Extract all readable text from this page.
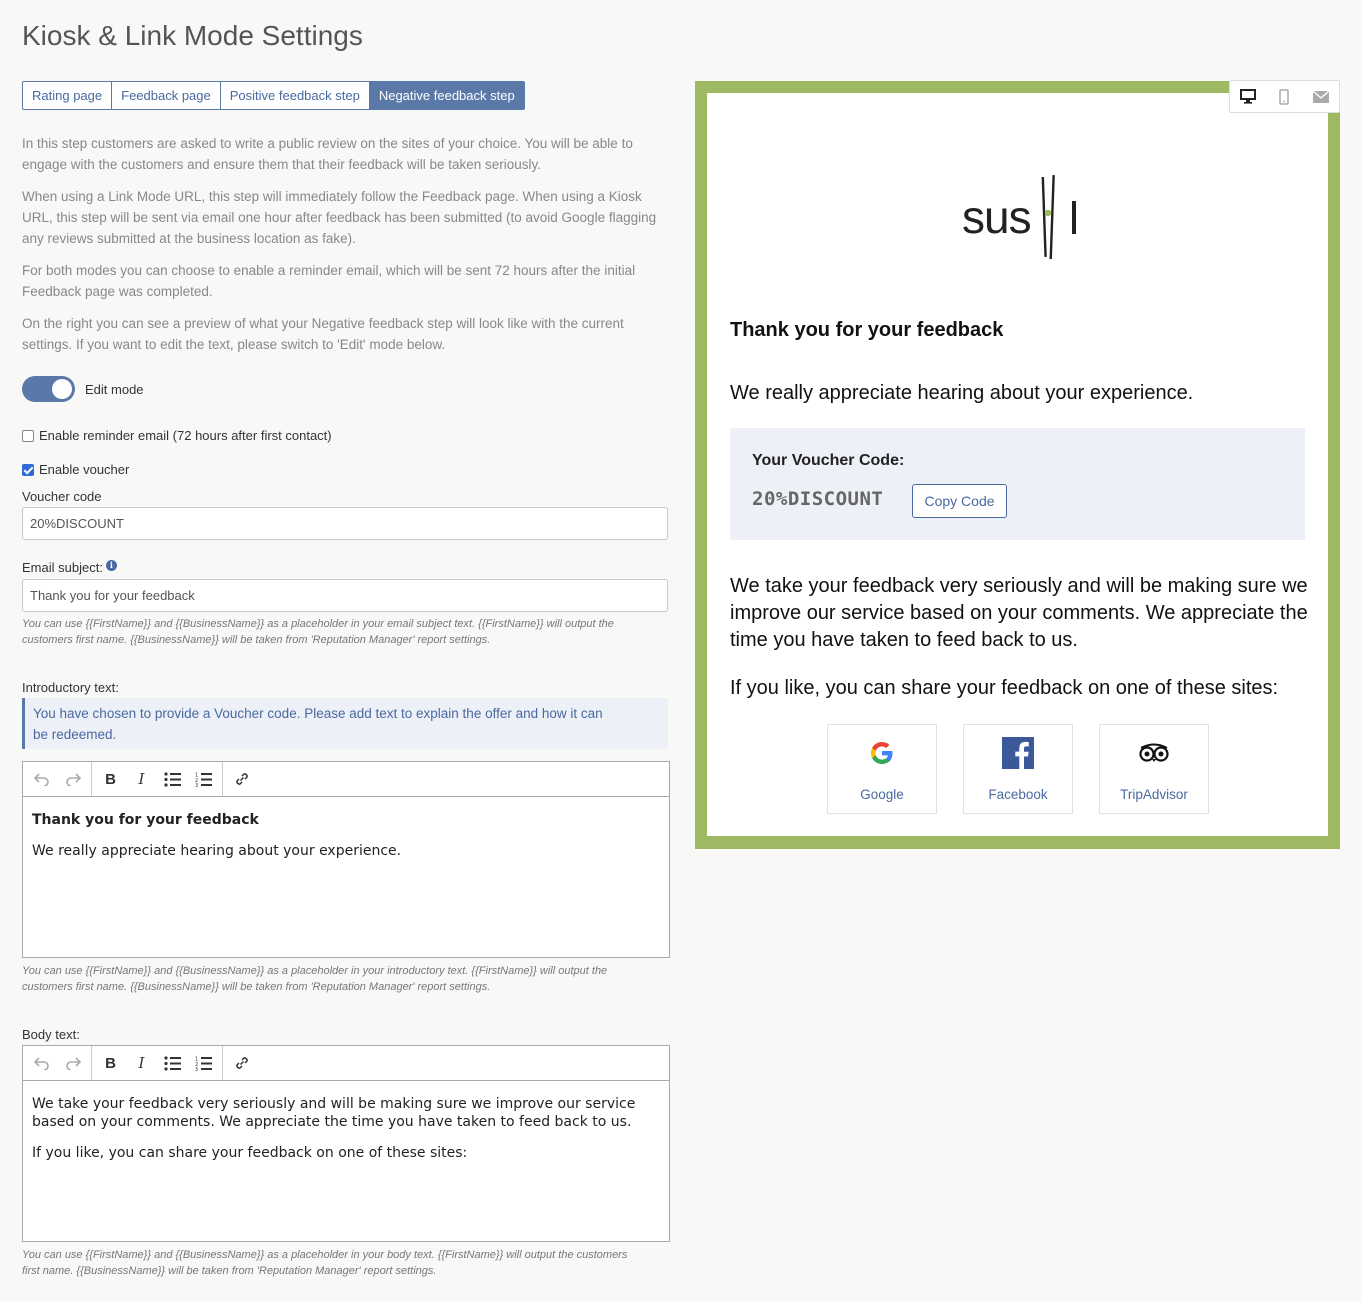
Kiosk & Link Mode Settings
Rating page	Feedback page	Positive feedback step	Negative feedback step

In this step customers are asked to write a public review on the sites of your choice. You will be able to engage with the customers and ensure them that their feedback will be taken seriously.

When using a Link Mode URL, this step will immediately follow the Feedback page. When using a Kiosk URL, this step will be sent via email one hour after feedback has been submitted (to avoid Google flagging any reviews submitted at the business location as fake).

For both modes you can choose to enable a reminder email, which will be sent 72 hours after the initial Feedback page was completed.

On the right you can see a preview of what your Negative feedback step will look like with the current settings. If you want to edit the text, please switch to 'Edit' mode below.

Edit mode
Enable reminder email (72 hours after first contact)
Enable voucher
Voucher code
20%DISCOUNT
Email subject: i
Thank you for your feedback

You can use {{FirstName}} and {{BusinessName}} as a placeholder in your email subject text. {{FirstName}} will output the
customers first name. {{BusinessName}} will be taken from 'Reputation Manager' report settings.

Introductory text:
You have chosen to provide a Voucher code. Please add text to explain the offer and how it can
be redeemed.
B	I	1
2
3

Thank you for your feedback

We really appreciate hearing about your experience.

You can use {{FirstName}} and {{BusinessName}} as a placeholder in your introductory text. {{FirstName}} will output the
customers first name. {{BusinessName}} will be taken from 'Reputation Manager' report settings.

Body text:
B	I	1
2
3

We take your feedback very seriously and will be making sure we improve our service
based on your comments. We appreciate the time you have taken to feed back to us.

If you like, you can share your feedback on one of these sites:

You can use {{FirstName}} and {{BusinessName}} as a placeholder in your body text. {{FirstName}} will output the customers
first name. {{BusinessName}} will be taken from 'Reputation Manager' report settings.

sus
Thank you for your feedback

We really appreciate hearing about your experience.

Your Voucher Code:
20%DISCOUNT	Copy Code

We take your feedback very seriously and will be making sure we
improve our service based on your comments. We appreciate the
time you have taken to feed back to us.

If you like, you can share your feedback on one of these sites:

Google	Facebook	TripAdvisor
